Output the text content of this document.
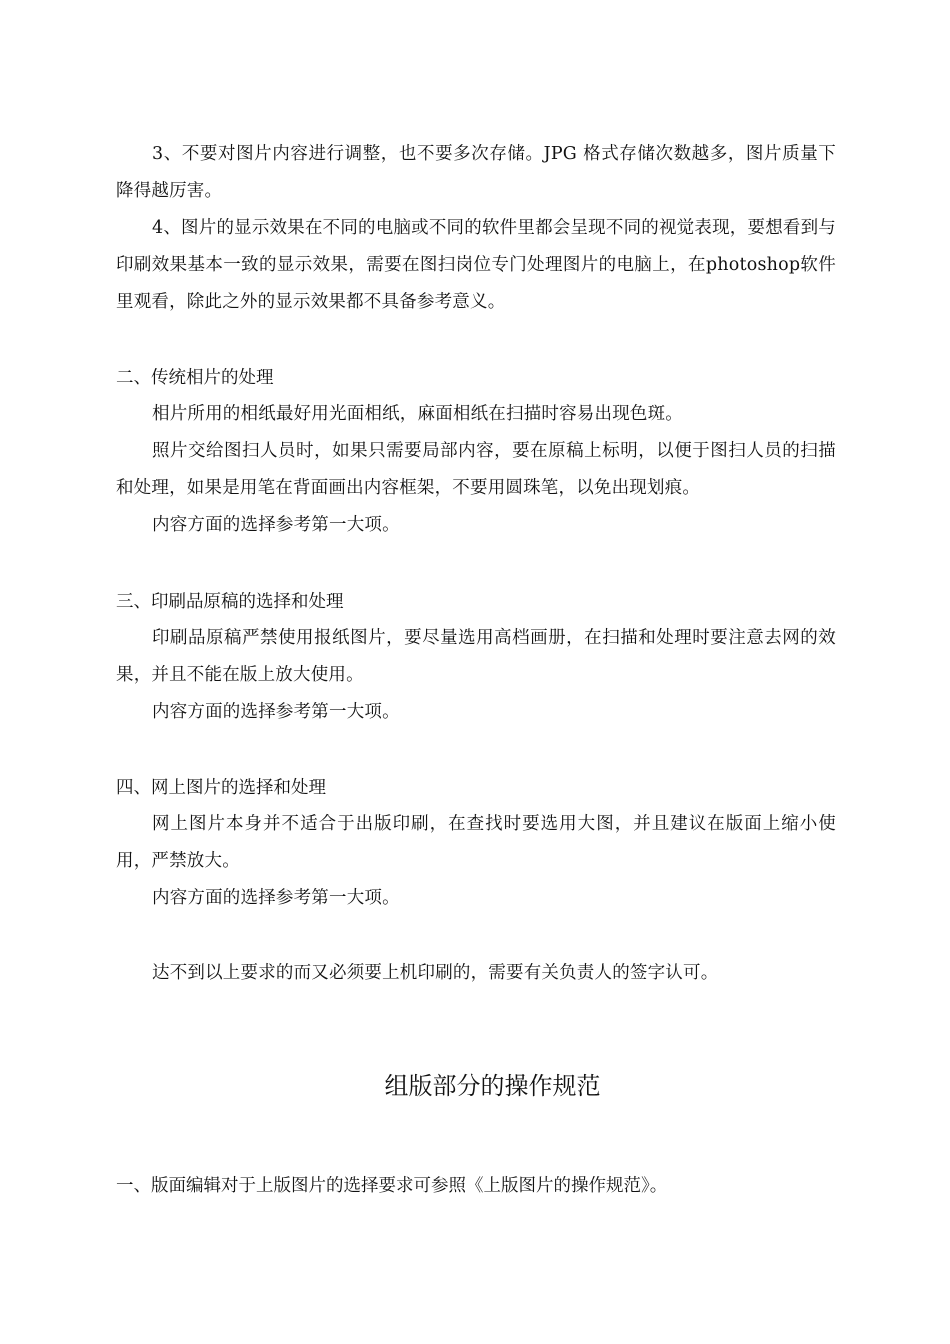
3、不要对图片内容进行调整，也不要多次存储。JPG 格式存储次数越多，图片质量下降得越厉害。

4、图片的显示效果在不同的电脑或不同的软件里都会呈现不同的视觉表现，要想看到与印刷效果基本一致的显示效果，需要在图扫岗位专门处理图片的电脑上，在photoshop软件里观看，除此之外的显示效果都不具备参考意义。

二、传统相片的处理

相片所用的相纸最好用光面相纸，麻面相纸在扫描时容易出现色斑。

照片交给图扫人员时，如果只需要局部内容，要在原稿上标明，以便于图扫人员的扫描和处理，如果是用笔在背面画出内容框架，不要用圆珠笔，以免出现划痕。

内容方面的选择参考第一大项。

三、印刷品原稿的选择和处理

印刷品原稿严禁使用报纸图片，要尽量选用高档画册，在扫描和处理时要注意去网的效果，并且不能在版上放大使用。

内容方面的选择参考第一大项。

四、网上图片的选择和处理

网上图片本身并不适合于出版印刷，在查找时要选用大图，并且建议在版面上缩小使用，严禁放大。

内容方面的选择参考第一大项。

达不到以上要求的而又必须要上机印刷的，需要有关负责人的签字认可。

组版部分的操作规范
一、版面编辑对于上版图片的选择要求可参照《上版图片的操作规范》。
